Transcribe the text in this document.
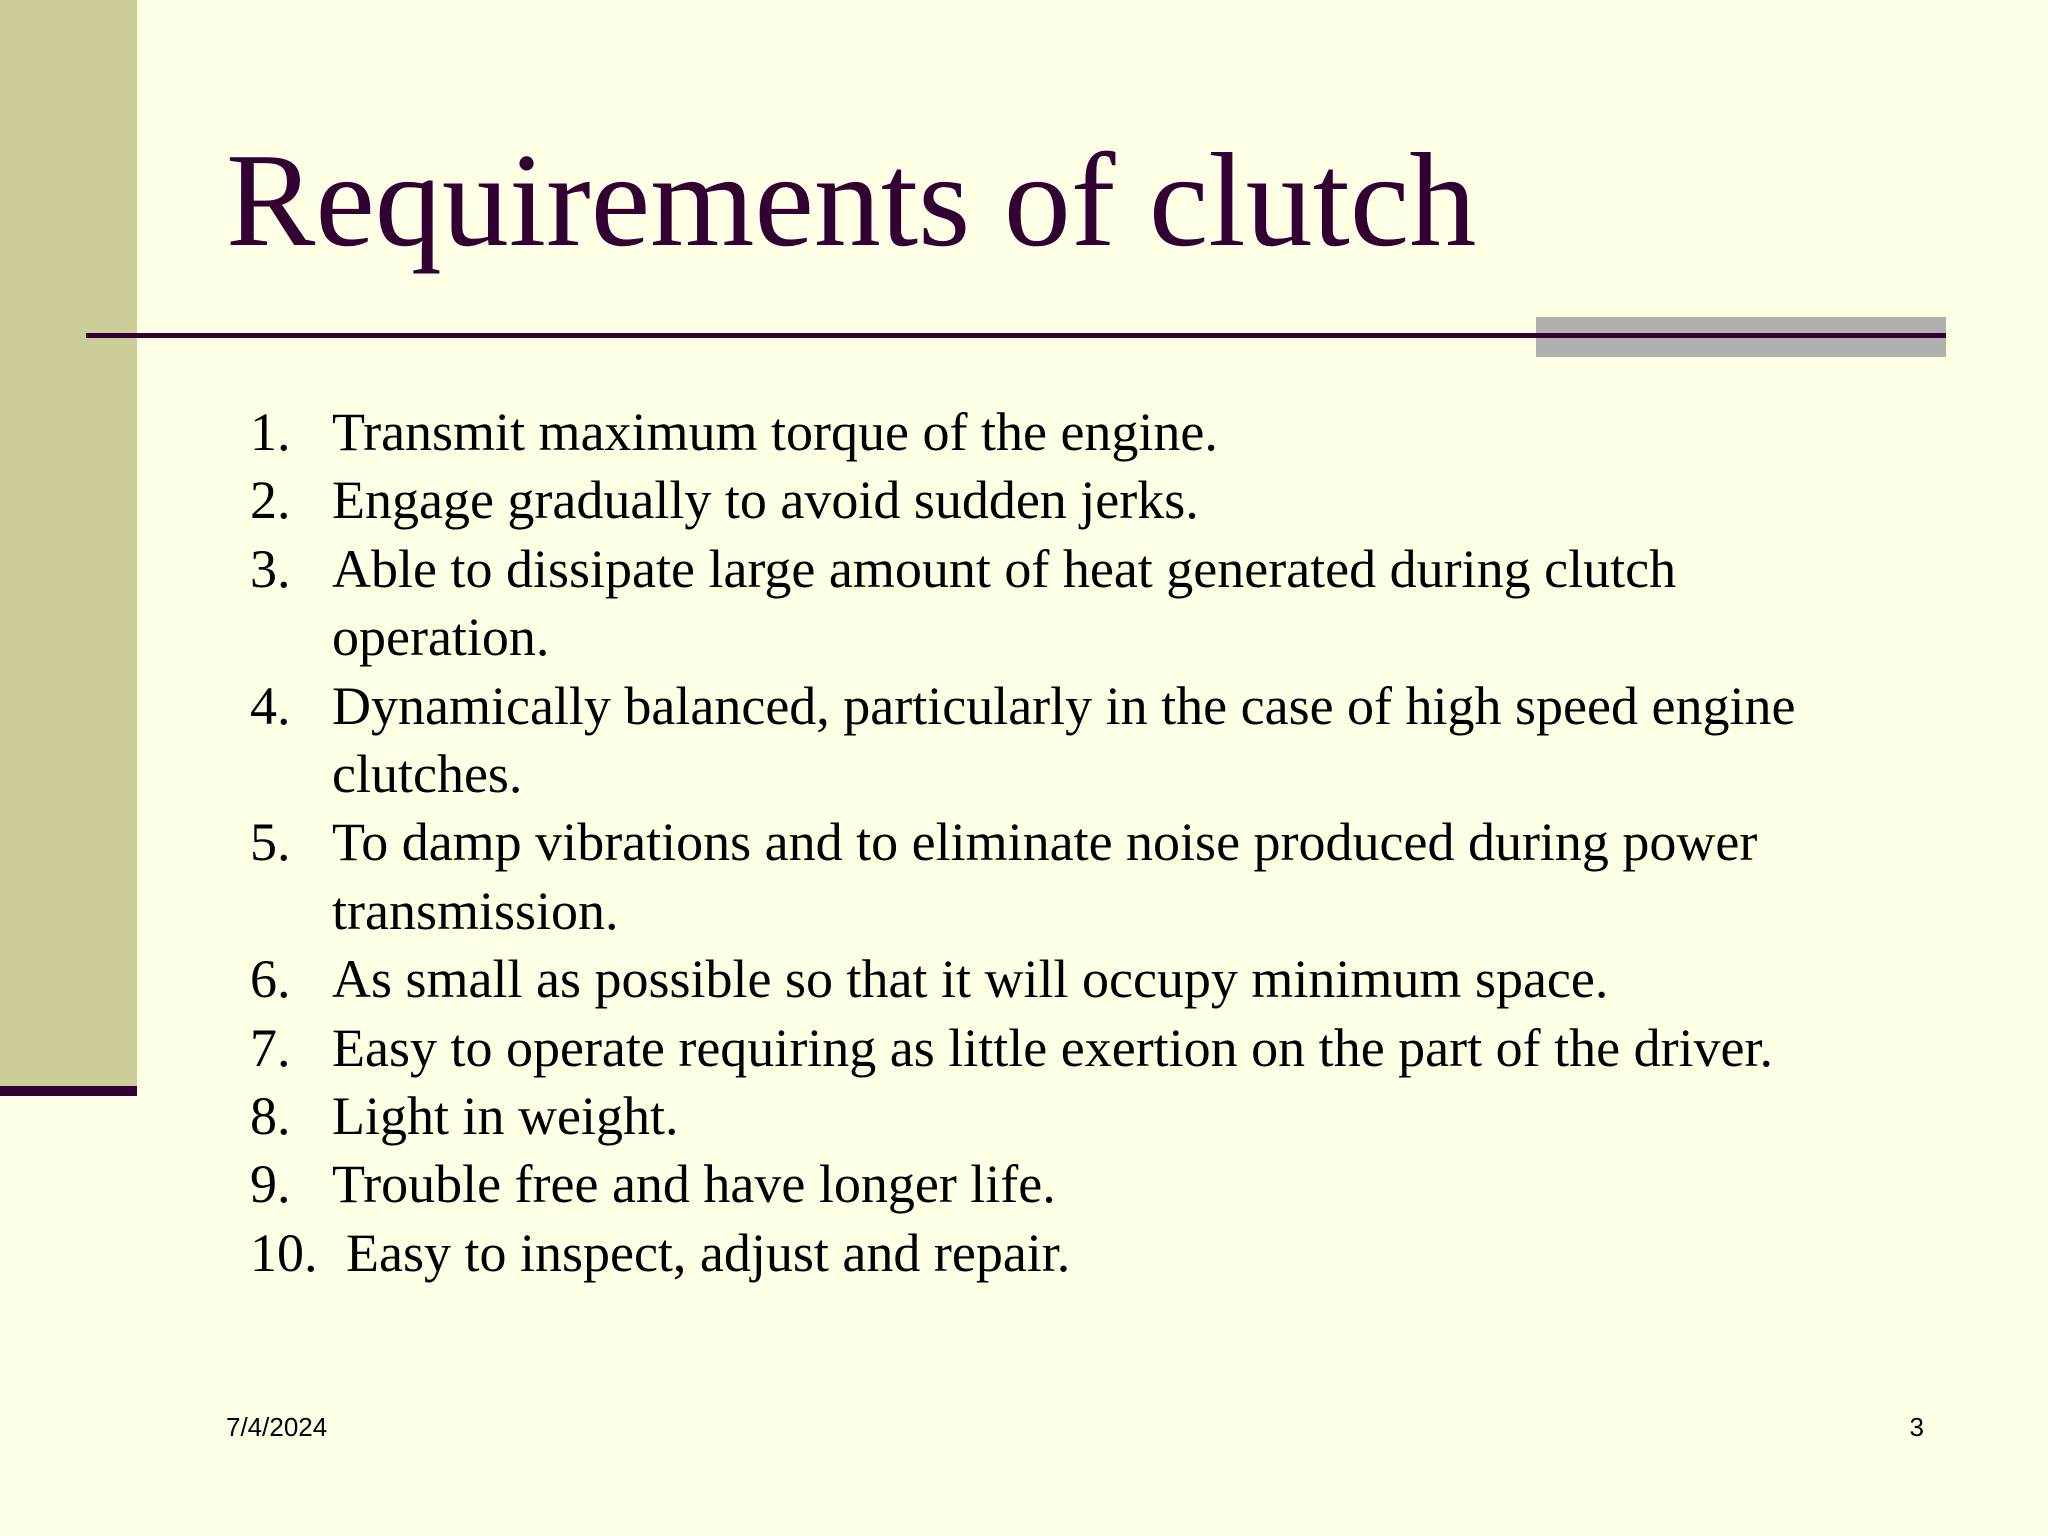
Requirements of clutch
1. Transmit maximum torque of the engine.
2. Engage gradually to avoid sudden jerks.
3. Able to dissipate large amount of heat generated during clutch operation.
4. Dynamically balanced, particularly in the case of high speed engine clutches.
5. To damp vibrations and to eliminate noise produced during power transmission.
6. As small as possible so that it will occupy minimum space.
7. Easy to operate requiring as little exertion on the part of the driver.
8. Light in weight.
9. Trouble free and have longer life.
10. Easy to inspect, adjust and repair.
7/4/2024	3
